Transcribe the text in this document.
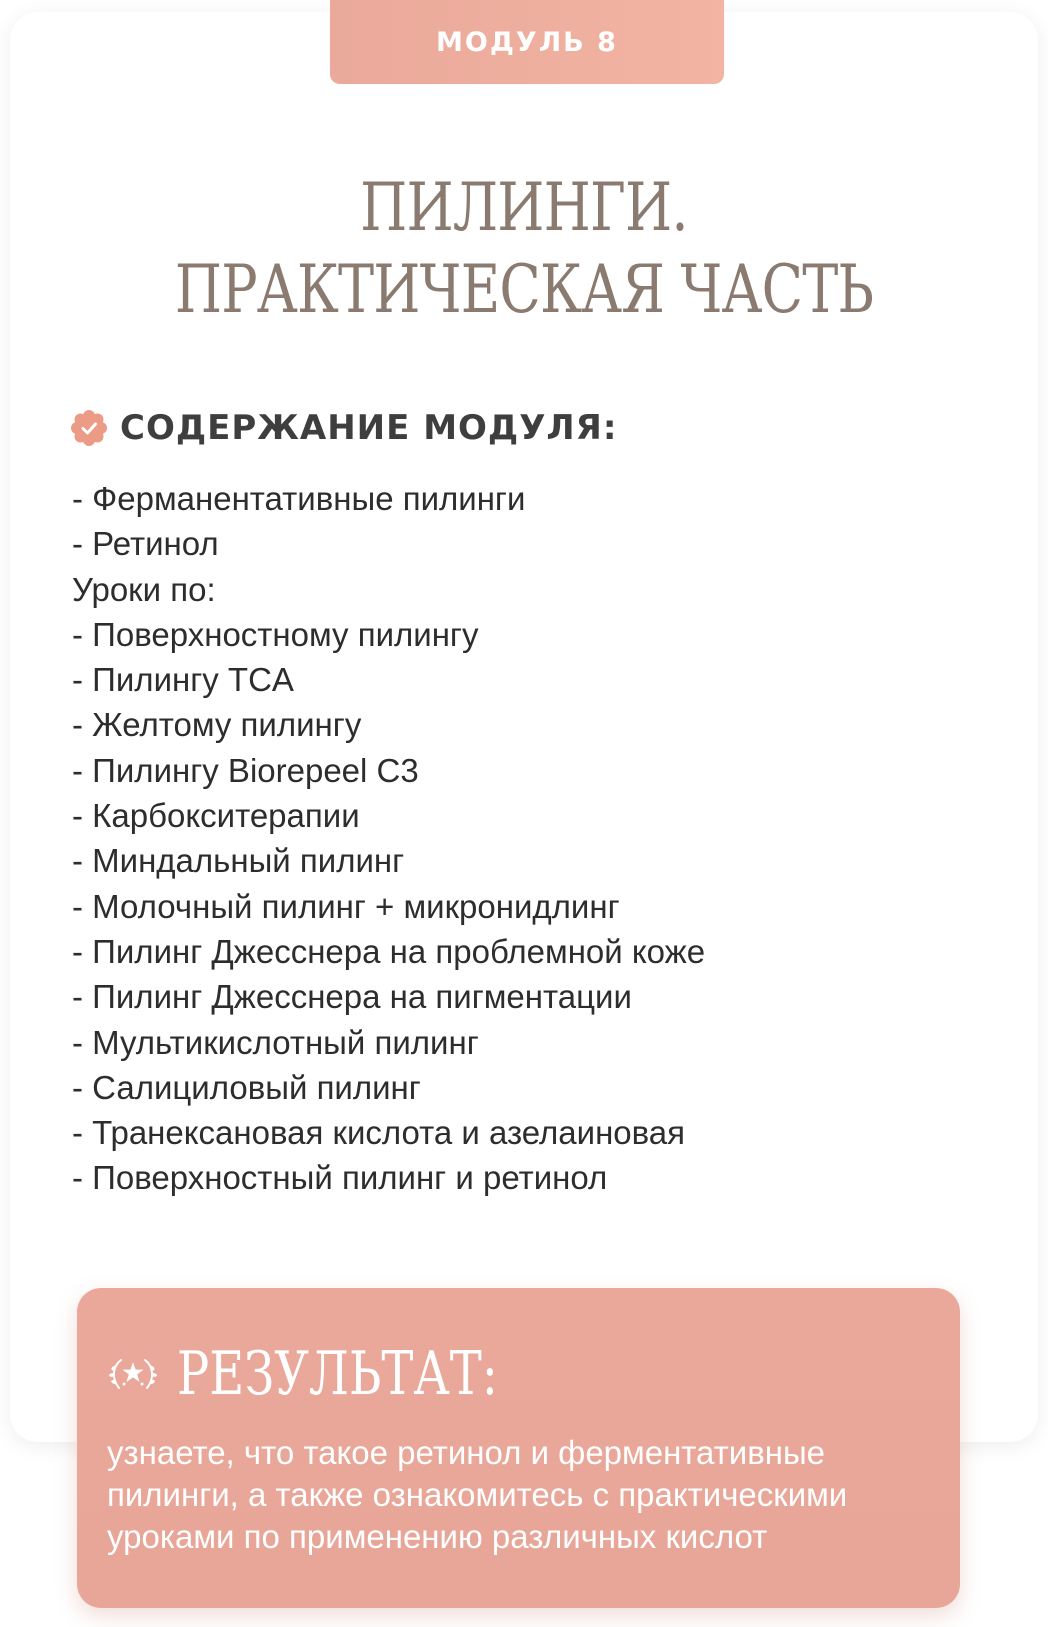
МОДУЛЬ 8
ПИЛИНГИ.
ПРАКТИЧЕСКАЯ ЧАСТЬ
СОДЕРЖАНИЕ МОДУЛЯ:
- Ферманентативные пилинги
- Ретинол
Уроки по:
- Поверхностному пилингу
- Пилингу TCA
- Желтому пилингу
- Пилингу Biorepeel C3
- Карбокситерапии
- Миндальный пилинг
- Молочный пилинг + микронидлинг
- Пилинг Джесснера на проблемной коже
- Пилинг Джесснера на пигментации
- Мультикислотный пилинг
- Салициловый пилинг
- Транексановая кислота и азелаиновая
- Поверхностный пилинг и ретинол
РЕЗУЛЬТАТ:
узнаете, что такое ретинол и ферментативные пилинги, а также ознакомитесь с практическими уроками по применению различных кислот
